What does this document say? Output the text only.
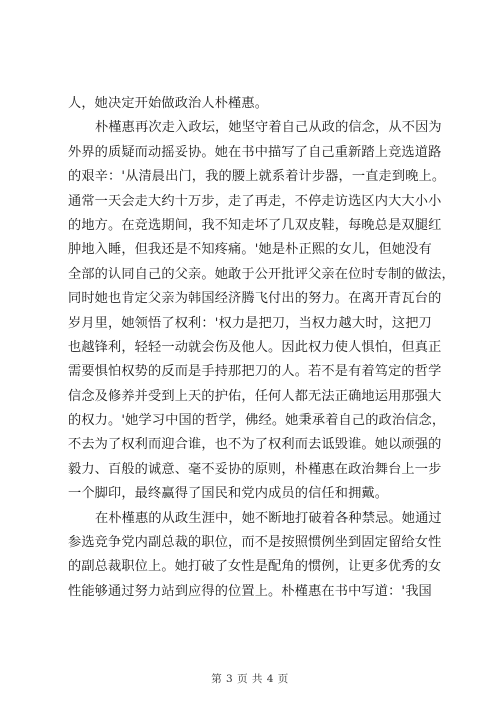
人，她决定开始做政治人朴槿惠。
朴槿惠再次走入政坛，她坚守着自己从政的信念，从不因为
外界的质疑而动摇妥协。她在书中描写了自己重新踏上竞选道路
的艰辛：'从清晨出门，我的腰上就系着计步器，一直走到晚上。
通常一天会走大约十万步，走了再走，不停走访选区内大大小小
的地方。在竞选期间，我不知走坏了几双皮鞋，每晚总是双腿红
肿地入睡，但我还是不知疼痛。'她是朴正熙的女儿，但她没有
全部的认同自己的父亲。她敢于公开批评父亲在位时专制的做法，
同时她也肯定父亲为韩国经济腾飞付出的努力。在离开青瓦台的
岁月里，她领悟了权利：'权力是把刀，当权力越大时，这把刀
也越锋利，轻轻一动就会伤及他人。因此权力使人惧怕，但真正
需要惧怕权势的反而是手持那把刀的人。若不是有着笃定的哲学
信念及修养并受到上天的护佑，任何人都无法正确地运用那强大
的权力。'她学习中国的哲学，佛经。她秉承着自己的政治信念，
不去为了权利而迎合谁，也不为了权利而去诋毁谁。她以顽强的
毅力、百般的诚意、毫不妥协的原则，朴槿惠在政治舞台上一步
一个脚印，最终赢得了国民和党内成员的信任和拥戴。
在朴槿惠的从政生涯中，她不断地打破着各种禁忌。她通过
参选竞争党内副总裁的职位，而不是按照惯例坐到固定留给女性
的副总裁职位上。她打破了女性是配角的惯例，让更多优秀的女
性能够通过努力站到应得的位置上。朴槿惠在书中写道：'我国
第 3 页 共 4 页
